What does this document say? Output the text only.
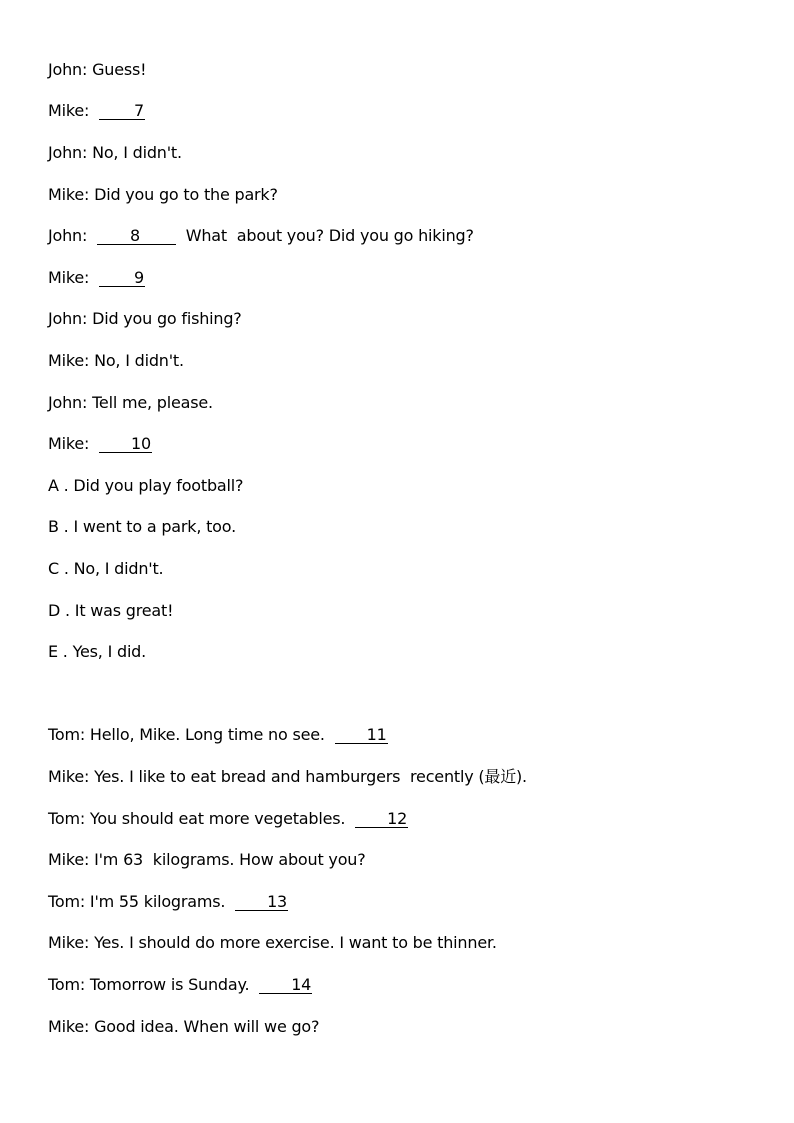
John: Guess!
Mike:	7
John: No, I didn't.
Mike: Did you go to the park?
John:	8	What  about you? Did you go hiking?
Mike:	9
John: Did you go fishing?
Mike: No, I didn't.
John: Tell me, please.
Mike:	10
A . Did you play football?
B . I went to a park, too.
C . No, I didn't.
D . It was great!
E . Yes, I did.
Tom: Hello, Mike. Long time no see.	11
Mike: Yes. I like to eat bread and hamburgers  recently (最近).
Tom: You should eat more vegetables.	12
Mike: I'm 63  kilograms. How about you?
Tom: I'm 55 kilograms.	13
Mike: Yes. I should do more exercise. I want to be thinner.
Tom: Tomorrow is Sunday.	14
Mike: Good idea. When will we go?
